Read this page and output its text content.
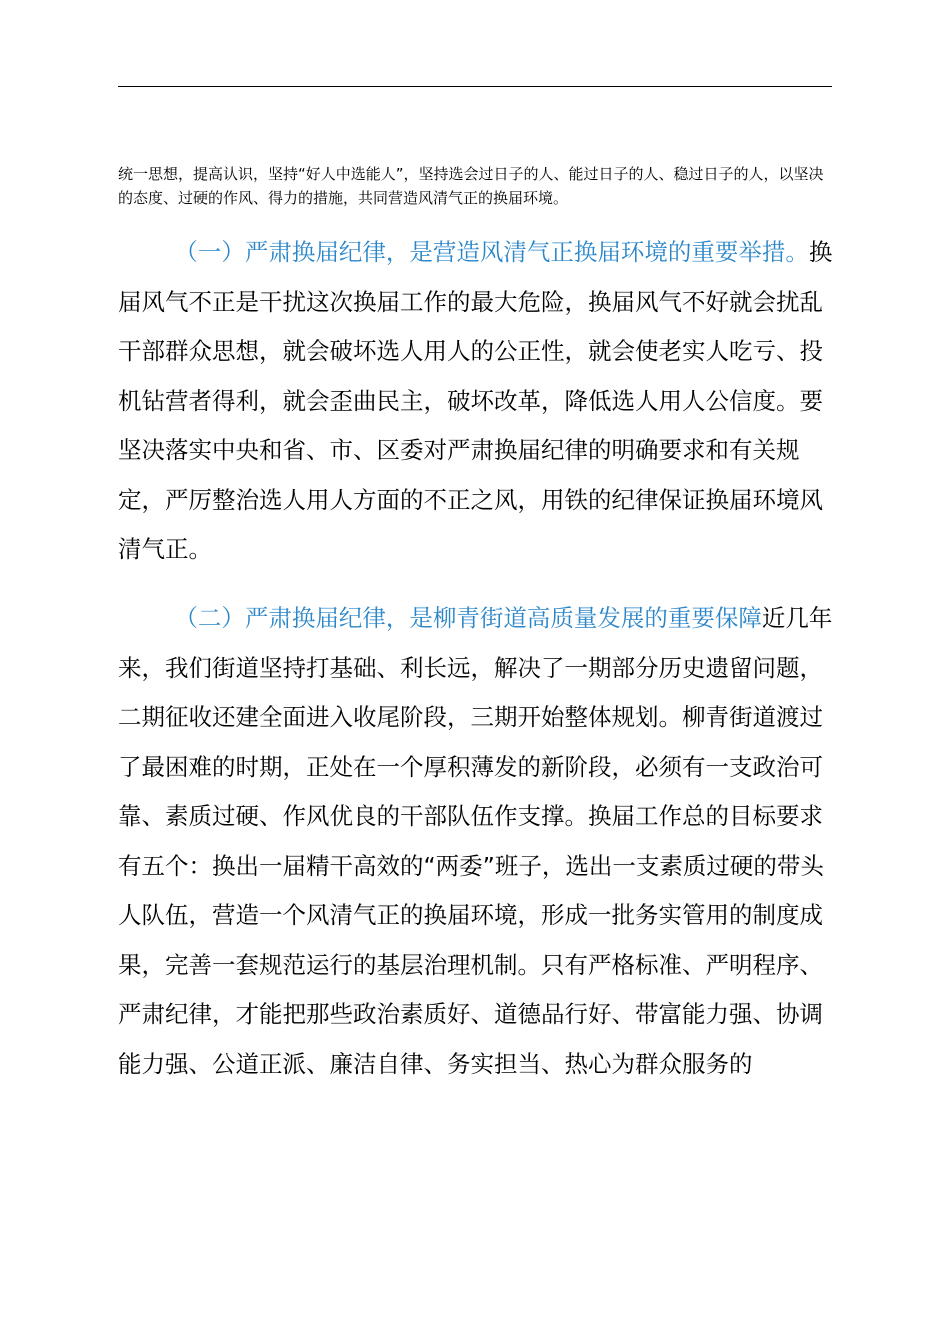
统一思想，提高认识，坚持“好人中选能人”，坚持选会过日子的人、能过日子的人、稳过日子的人，以坚决的态度、过硬的作风、得力的措施，共同营造风清气正的换届环境。

（一）严肃换届纪律，是营造风清气正换届环境的重要举措。换届风气不正是干扰这次换届工作的最大危险，换届风气不好就会扰乱干部群众思想，就会破坏选人用人的公正性，就会使老实人吃亏、投机钻营者得利，就会歪曲民主，破坏改革，降低选人用人公信度。要坚决落实中央和省、市、区委对严肃换届纪律的明确要求和有关规定，严厉整治选人用人方面的不正之风，用铁的纪律保证换届环境风清气正。

（二）严肃换届纪律，是柳青街道高质量发展的重要保障近几年来，我们街道坚持打基础、利长远，解决了一期部分历史遗留问题，二期征收还建全面进入收尾阶段，三期开始整体规划。柳青街道渡过了最困难的时期，正处在一个厚积薄发的新阶段，必须有一支政治可靠、素质过硬、作风优良的干部队伍作支撑。换届工作总的目标要求有五个：换出一届精干高效的“两委”班子，选出一支素质过硬的带头人队伍，营造一个风清气正的换届环境，形成一批务实管用的制度成果，完善一套规范运行的基层治理机制。只有严格标准、严明程序、严肃纪律，才能把那些政治素质好、道德品行好、带富能力强、协调能力强、公道正派、廉洁自律、务实担当、热心为群众服务的
